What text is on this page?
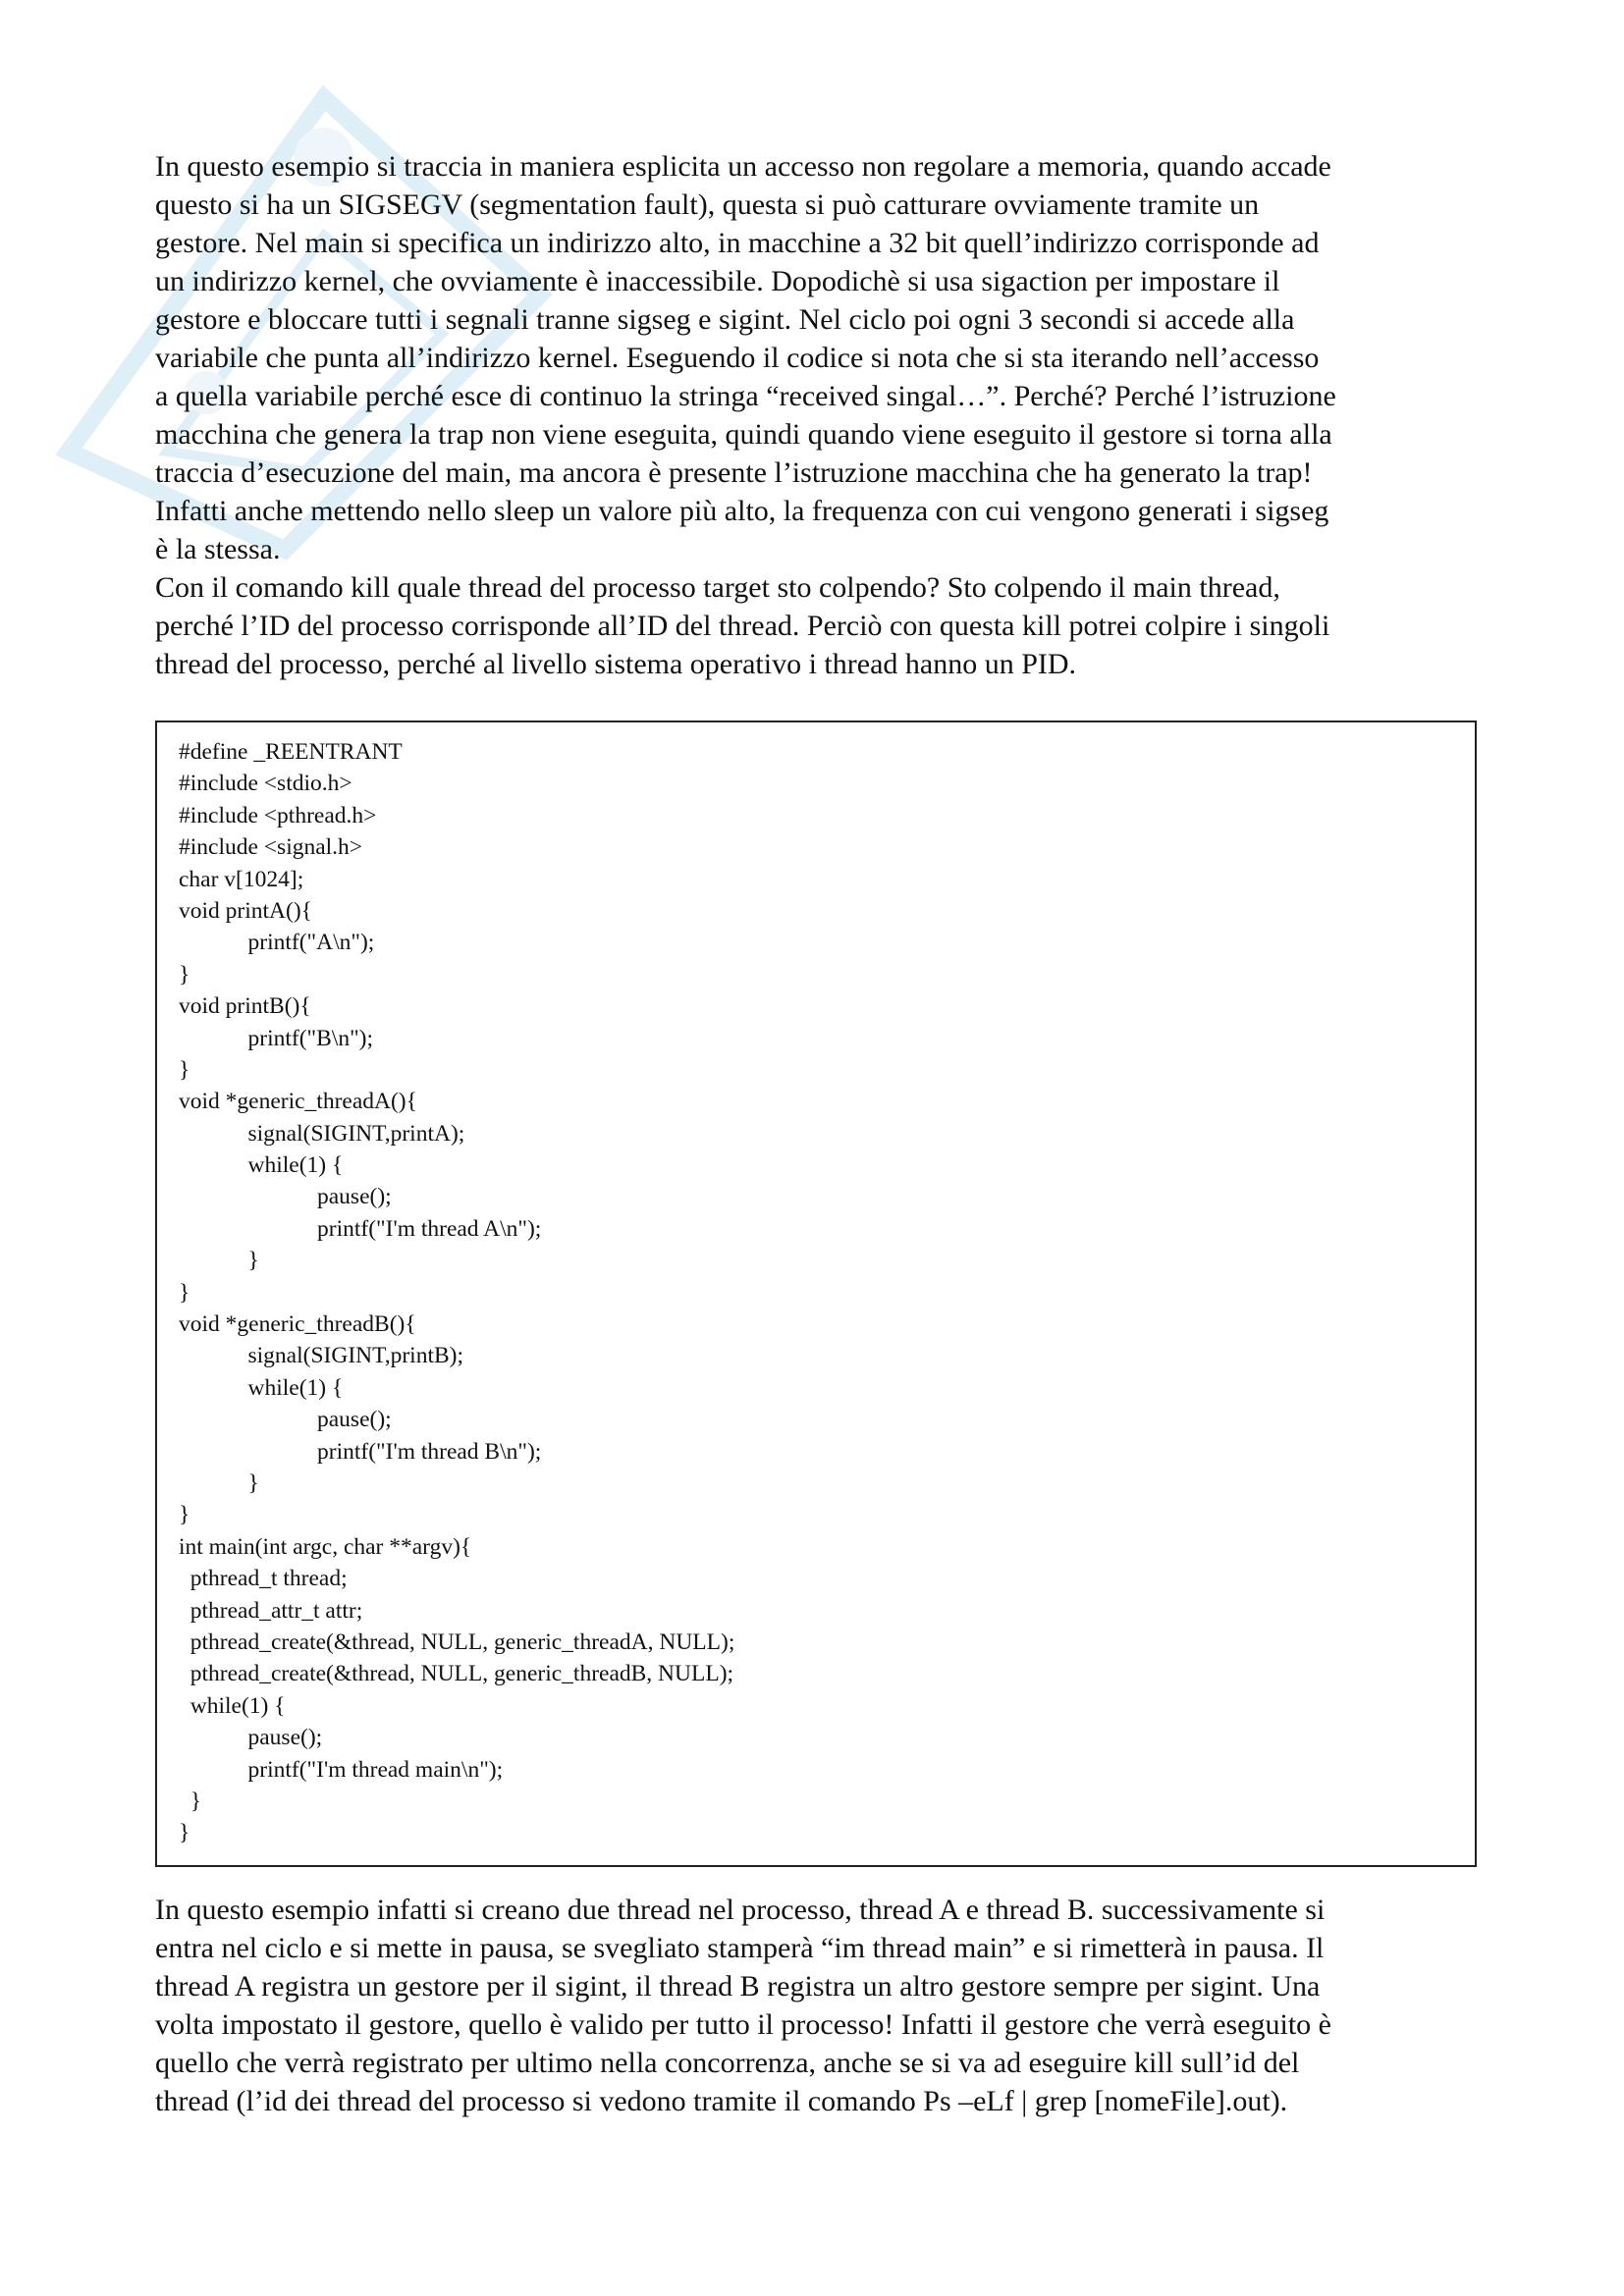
In questo esempio si traccia in maniera esplicita un accesso non regolare a memoria, quando accade
questo si ha un SIGSEGV (segmentation fault), questa si può catturare ovviamente tramite un
gestore. Nel main si specifica un indirizzo alto, in macchine a 32 bit quell’indirizzo corrisponde ad
un indirizzo kernel, che ovviamente è inaccessibile. Dopodichè si usa sigaction per impostare il
gestore e bloccare tutti i segnali tranne sigseg e sigint. Nel ciclo poi ogni 3 secondi si accede alla
variabile che punta all’indirizzo kernel. Eseguendo il codice si nota che si sta iterando nell’accesso
a quella variabile perché esce di continuo la stringa “received singal…”. Perché? Perché l’istruzione
macchina che genera la trap non viene eseguita, quindi quando viene eseguito il gestore si torna alla
traccia d’esecuzione del main, ma ancora è presente l’istruzione macchina che ha generato la trap!
Infatti anche mettendo nello sleep un valore più alto, la frequenza con cui vengono generati i sigseg
è la stessa.
Con il comando kill quale thread del processo target sto colpendo? Sto colpendo il main thread,
perché l’ID del processo corrisponde all’ID del thread. Perciò con questa kill potrei colpire i singoli
thread del processo, perché al livello sistema operativo i thread hanno un PID.
#define _REENTRANT
#include <stdio.h>
#include <pthread.h>
#include <signal.h>
char v[1024];
void printA(){
printf("A\n");
}
void printB(){
printf("B\n");
}
void *generic_threadA(){
signal(SIGINT,printA);
while(1) {
pause();
printf("I'm thread A\n");
}
}
void *generic_threadB(){
signal(SIGINT,printB);
while(1) {
pause();
printf("I'm thread B\n");
}
}
int main(int argc, char **argv){
pthread_t thread;
pthread_attr_t attr;
pthread_create(&thread, NULL, generic_threadA, NULL);
pthread_create(&thread, NULL, generic_threadB, NULL);
while(1) {
pause();
printf("I'm thread main\n");
}
}
In questo esempio infatti si creano due thread nel processo, thread A e thread B. successivamente si
entra nel ciclo e si mette in pausa, se svegliato stamperà “im thread main” e si rimetterà in pausa. Il
thread A registra un gestore per il sigint, il thread B registra un altro gestore sempre per sigint. Una
volta impostato il gestore, quello è valido per tutto il processo! Infatti il gestore che verrà eseguito è
quello che verrà registrato per ultimo nella concorrenza, anche se si va ad eseguire kill sull’id del
thread (l’id dei thread del processo si vedono tramite il comando Ps –eLf | grep [nomeFile].out).
